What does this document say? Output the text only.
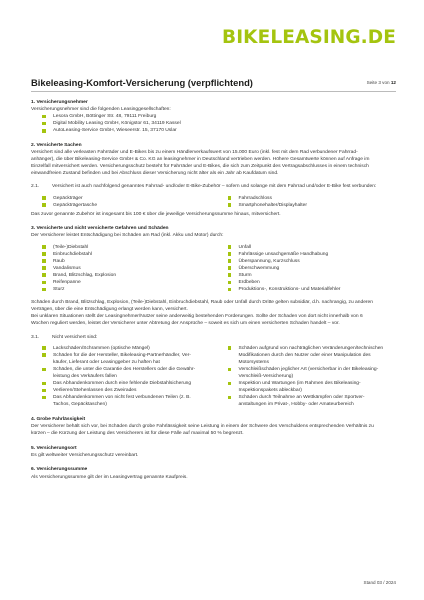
BIKELEASING.DE
Bikeleasing-Komfort-Versicherung (verpflichtend)	Seite 3 von 12
1. Versicherungsnehmer

Versicherungsnehmer sind die folgenden Leasinggesellschaften:

Lesora GmbH, Böttinger Str. 48, 79111 Freiburg
Digital Mobility Leasing GmbH, Königstor 61, 34119 Kassel
AutoLeasing-Service GmbH, Wieseerstr. 15, 37170 Uslar
2. Versicherte Sachen

Versichert sind alle verleasten Fahrräder und E-Bikes bis zu einem Händlerverkaufswert von 15.000 Euro (inkl. fest mit dem Rad verbundener Fahrrad-

anhänger), die über Bikeleasing-Service GmbH & Co. KG an leasingnehmer in Deutschland vertrieben werden. Höhere Gesamtwerte können auf Anfrage im

Einzelfall mitversichert werden. Versicherungsschutz besteht für Fahrräder und E-Bikes, die sich zum Zeitpunkt des Vertragsabschlusses in einem technisch

einwandfreien Zustand befinden und bei Abschluss dieser Versicherung nicht älter als ein Jahr ab Kaufdatum sind.

2.1.	Versichert ist auch nachfolgend genanntes Fahrrad- und/oder E-Bike-Zubehör – sofern und solange mit dem Fahrrad und/oder E-Bike fest verbunden:
Gepäckträger
Gepäckträgertasche
Fahrradschloss
Smartphonehalter/Displayhalter

Das zuvor genannte Zubehör ist insgesamt bis 100 € über die jeweilige Versicherungssumme hinaus, mitversichert.

3. Versicherte und nicht versicherte Gefahren und Schäden

Der Versicherer leistet Entschädigung bei Schäden am Rad (inkl. Akku und Motor) durch:

(Teile-)Diebstahl
Einbruchdiebstahl
Raub
Vandalismus
Brand, Blitzschlag, Explosion
Reifenpanne
Sturz
Unfall
Fahrlässige unsachgemäße Handhabung
Überspannung, Kurzschluss
Überschwemmung
Sturm
Erdbeben
Produktions-, Konstruktions- und Materialfehler

Schäden durch Brand, Blitzschlag, Explosion, (Teile-)Diebstahl, Einbruchdiebstahl, Raub oder Unfall durch Dritte gelten subsidiär, d.h. nachrangig, zu anderen

Verträgen, über die eine Entschädigung erlangt werden kann, versichert.

Bei unklaren Situationen stellt der Leasingnehmer/Nutzer seine anderweitig bestehenden Forderungen. Sollte der Schaden von dort nicht innerhalb von 6

Wochen reguliert werden, leistet der Versicherer unter Abtretung der Ansprüche – soweit es sich um einen versicherten Schaden handelt – vor.

3.1.	Nicht versichert sind:
Lackschäden/Schrammen (optische Mängel)
Schäden für die der Hersteller, Bikeleasing-Partnerhändler, Ver-
käufer, Lieferant oder Leasinggeber zu haften hat
Schäden, die unter die Garantie des Herstellers oder die Gewähr-
leistung des Verkäufers fallen
Das Abhandenkommen durch eine fehlende Diebstahlsicherung
Verlieren/Stehenlassen des Zweirades
Das Abhandenkommen von nicht fest verbundenen Teilen (z. B.
Tachos, Gepäcktaschen)
Schäden aufgrund von nachträglichen Veränderungen/technischen
Modifikationen durch den Nutzer oder einer Manipulation des
Motorsystems
Verschleißschäden jeglicher Art (versicherbar in der Bikeleasing-
Verschleiß-Versicherung)
Inspektion und Wartungen (im Rahmen des Bikeleasing-
Inspektionspakets ableckbar)
Schäden durch Teilnahme an Wettkämpfen oder Sportver-
anstaltungen im Privat-, Hobby- oder Amateurbereich
4. Grobe Fahrlässigkeit

Der Versicherer behält sich vor, bei Schäden durch grobe Fahrlässigkeit seine Leistung in einem der Schwere des Verschuldens entsprechenden Verhältnis zu

kürzen – die Kürzung der Leistung des Versicherers ist für diese Fälle auf maximal 50 % begrenzt.

5. Versicherungsort

Es gilt weltweiter Versicherungsschutz vereinbart.

6. Versicherungssumme

Als Versicherungssumme gilt der im Leasingvertrag genannte Kaufpreis.

Stand 03 / 2024
